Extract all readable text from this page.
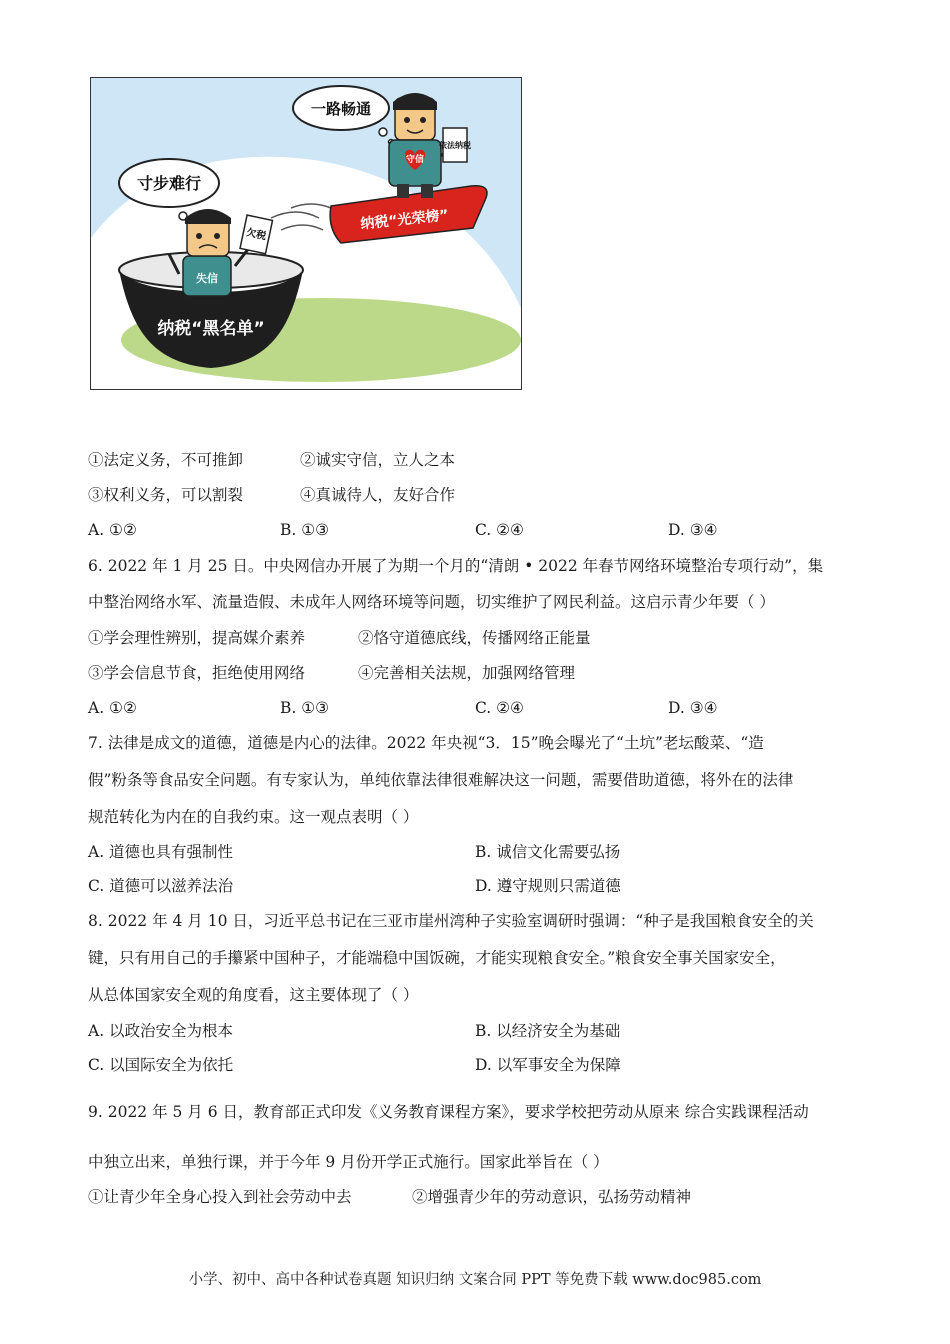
寸步难行
一路畅通
纳税“黑名单”
失信
欠税
纳税“光荣榜”
守信
依法纳税
①法定义务，不可推卸	②诚实守信，立人之本
③权利义务，可以割裂	④真诚待人，友好合作
A. ①②	B. ①③	C. ②④	D. ③④
6. 2022 年 1 月 25 日。中央网信办开展了为期一个月的“清朗 • 2022 年春节网络环境整治专项行动”，集
中整治网络水军、流量造假、未成年人网络环境等问题，切实维护了网民利益。这启示青少年要（ ）
①学会理性辨别，提高媒介素养	②恪守道德底线，传播网络正能量
③学会信息节食，拒绝使用网络	④完善相关法规，加强网络管理
A. ①②	B. ①③	C. ②④	D. ③④
7. 法律是成文的道德，道德是内心的法律。2022 年央视“3．15”晚会曝光了“土坑”老坛酸菜、“造
假”粉条等食品安全问题。有专家认为，单纯依靠法律很难解决这一问题，需要借助道德，将外在的法律
规范转化为内在的自我约束。这一观点表明（ ）
A. 道德也具有强制性	B. 诚信文化需要弘扬
C. 道德可以滋养法治	D. 遵守规则只需道德
8. 2022 年 4 月 10 日，习近平总书记在三亚市崖州湾种子实验室调研时强调：“种子是我国粮食安全的关
键，只有用自己的手攥紧中国种子，才能端稳中国饭碗，才能实现粮食安全。”粮食安全事关国家安全，
从总体国家安全观的角度看，这主要体现了（ ）
A. 以政治安全为根本	B. 以经济安全为基础
C. 以国际安全为依托	D. 以军事安全为保障
9. 2022 年 5 月 6 日，教育部正式印发《义务教育课程方案》，要求学校把劳动从原来 综合实践课程活动
中独立出来，单独行课，并于今年 9 月份开学正式施行。国家此举旨在（ ）
①让青少年全身心投入到社会劳动中去	②增强青少年的劳动意识，弘扬劳动精神
小学、初中、高中各种试卷真题 知识归纳 文案合同 PPT 等免费下载 www.doc985.com
